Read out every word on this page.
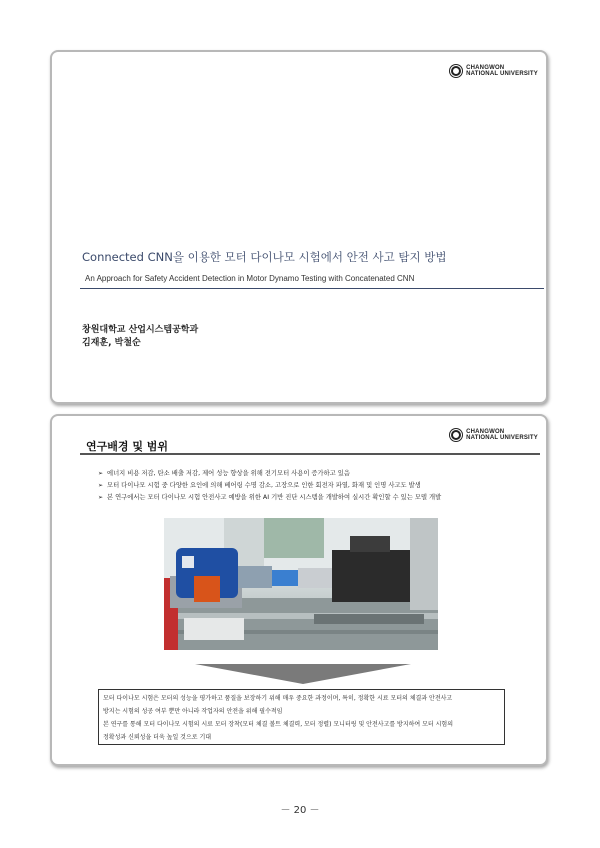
CHANGWON
NATIONAL UNIVERSITY
Connected CNN을 이용한 모터 다이나모 시험에서 안전 사고 탐지 방법
An Approach for Safety Accident Detection in Motor Dynamo Testing with Concatenated CNN
창원대학교 산업시스템공학과
김재훈, 박철순
CHANGWON
NATIONAL UNIVERSITY
연구배경 및 범위
➢ 에너지 비용 저감, 탄소 배출 저감, 제어 성능 향상을 위해 전기모터 사용이 증가하고 있음
➢ 모터 다이나모 시험 중 다양한 요인에 의해 베어링 수명 감소, 고장으로 인한 회전자 파열, 화재 및 인명 사고도 발생
➢ 본 연구에서는 모터 다이나모 시험 안전사고 예방을 위한 AI 기반 진단 시스템을 개발하여 실시간 확인할 수 있는 모델 개발

모터 다이나모 시험은 모터의 성능을 평가하고 품질을 보장하기 위해 매우 중요한 과정이며, 특히, 정확한 시료 모터의 체결과 안전사고

방지는 시험의 성공 여부 뿐만 아니라 작업자의 안전을 위해 필수적임

본 연구를 통해 모터 다이나모 시험의 시료 모터 장착(모터 체결 볼트 체결력, 모터 정렬) 모니터링 및 안전사고를 방지하여 모터 시험의

정확성과 신뢰성을 더욱 높일 것으로 기대

－ 20 －
